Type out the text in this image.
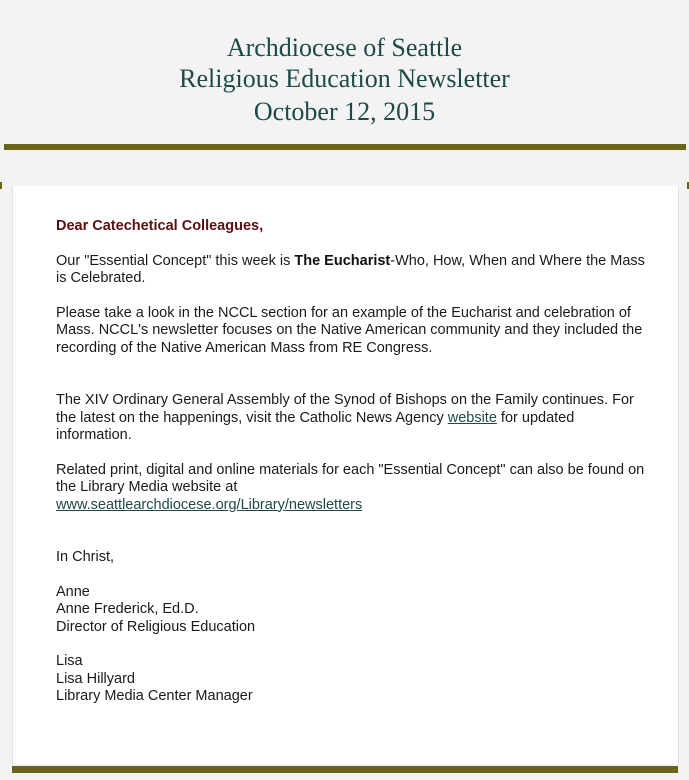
Archdiocese of Seattle
Religious Education Newsletter
October 12, 2015

Dear Catechetical Colleagues,

Our "Essential Concept" this week is The Eucharist-Who, How, When and Where the Mass is Celebrated.

Please take a look in the NCCL section for an example of the Eucharist and celebration of Mass. NCCL's newsletter focuses on the Native American community and they included the recording of the Native American Mass from RE Congress.

The XIV Ordinary General Assembly of the Synod of Bishops on the Family continues. For the latest on the happenings, visit the Catholic News Agency website for updated information.

Related print, digital and online materials for each "Essential Concept" can also be found on the Library Media website at
www.seattlearchdiocese.org/Library/newsletters

In Christ,

Anne
Anne Frederick, Ed.D.
Director of Religious Education
Lisa
Lisa Hillyard
Library Media Center Manager
